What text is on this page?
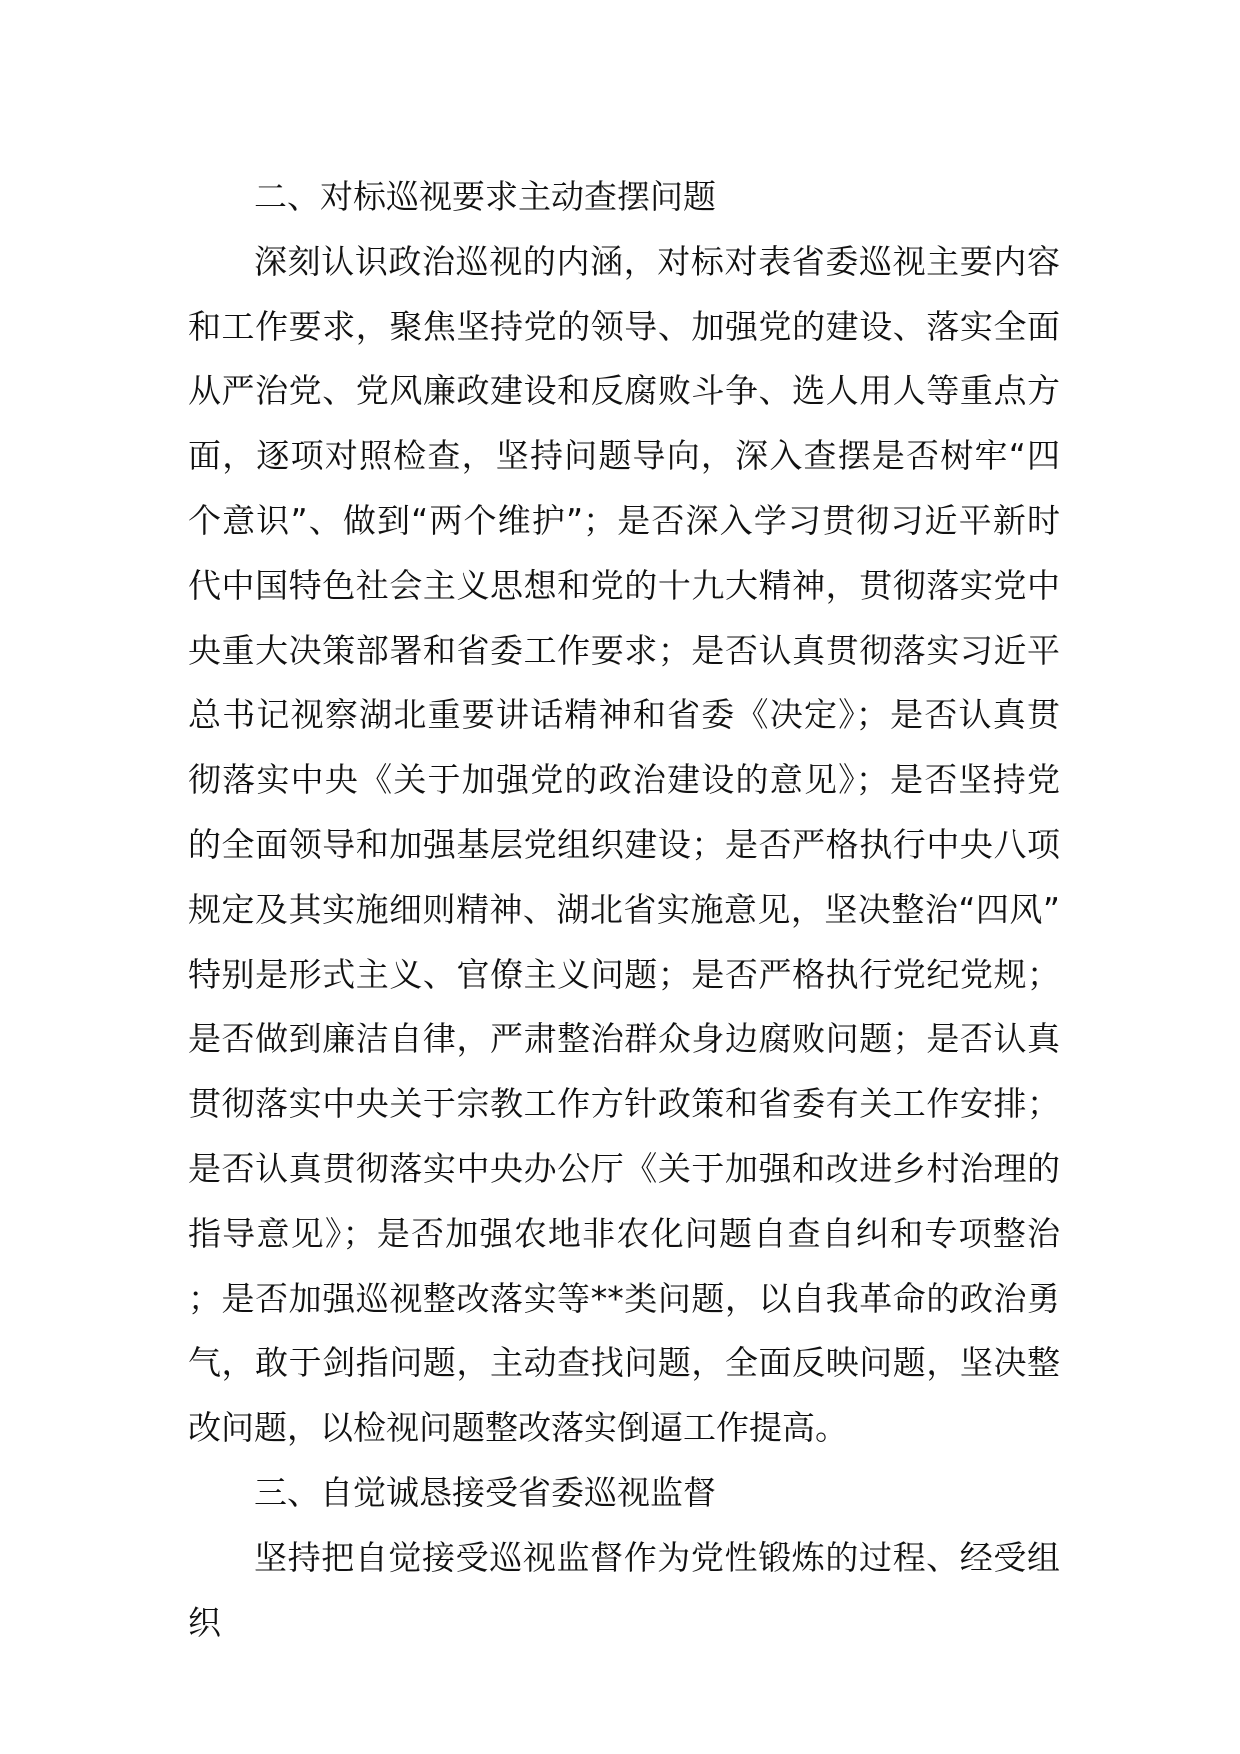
二、对标巡视要求主动查摆问题

深刻认识政治巡视的内涵，对标对表省委巡视主要内容和工作要求，聚焦坚持党的领导、加强党的建设、落实全面从严治党、党风廉政建设和反腐败斗争、选人用人等重点方面，逐项对照检查，坚持问题导向，深入查摆是否树牢“四个意识”、做到“两个维护”；是否深入学习贯彻习近平新时代中国特色社会主义思想和党的十九大精神，贯彻落实党中央重大决策部署和省委工作要求；是否认真贯彻落实习近平总书记视察湖北重要讲话精神和省委《决定》；是否认真贯彻落实中央《关于加强党的政治建设的意见》；是否坚持党的全面领导和加强基层党组织建设；是否严格执行中央八项规定及其实施细则精神、湖北省实施意见，坚决整治“四风”特别是形式主义、官僚主义问题；是否严格执行党纪党规；是否做到廉洁自律，严肃整治群众身边腐败问题；是否认真贯彻落实中央关于宗教工作方针政策和省委有关工作安排；是否认真贯彻落实中央办公厅《关于加强和改进乡村治理的指导意见》；是否加强农地非农化问题自查自纠和专项整治；是否加强巡视整改落实等**类问题，以自我革命的政治勇气，敢于剑指问题，主动查找问题，全面反映问题，坚决整改问题，以检视问题整改落实倒逼工作提高。

三、自觉诚恳接受省委巡视监督

坚持把自觉接受巡视监督作为党性锻炼的过程、经受组织
